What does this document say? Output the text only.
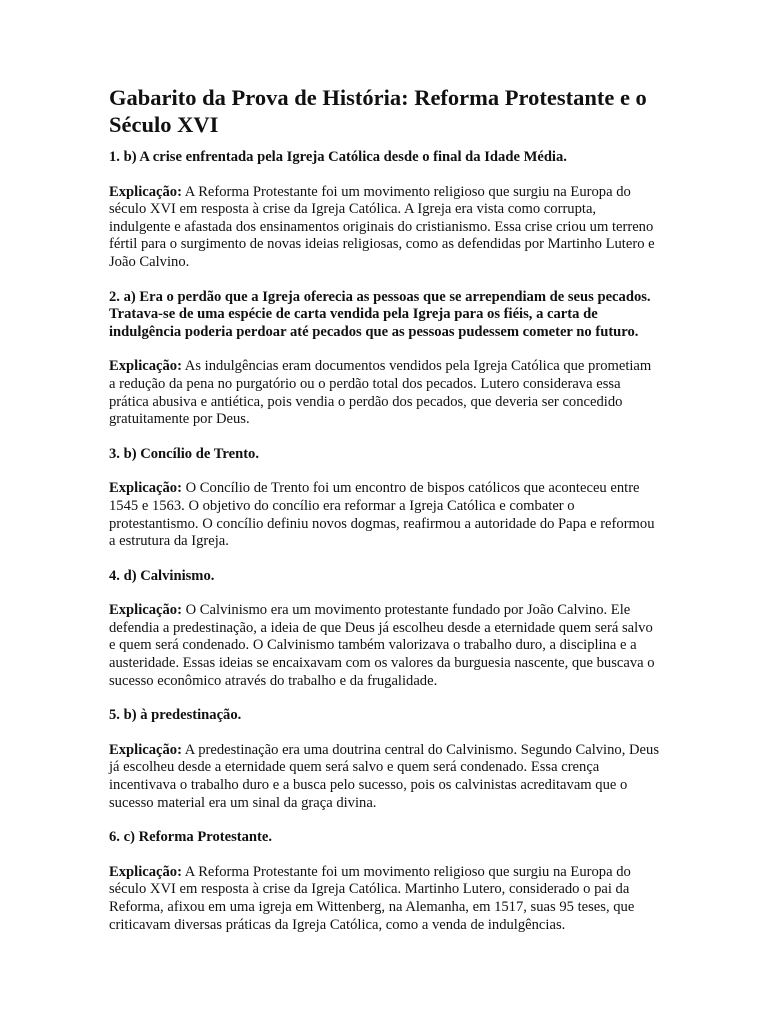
Gabarito da Prova de História: Reforma Protestante e o Século XVI

1. b) A crise enfrentada pela Igreja Católica desde o final da Idade Média.

Explicação: A Reforma Protestante foi um movimento religioso que surgiu na Europa do século XVI em resposta à crise da Igreja Católica. A Igreja era vista como corrupta, indulgente e afastada dos ensinamentos originais do cristianismo. Essa crise criou um terreno fértil para o surgimento de novas ideias religiosas, como as defendidas por Martinho Lutero e João Calvino.

2. a) Era o perdão que a Igreja oferecia as pessoas que se arrependiam de seus pecados. Tratava-se de uma espécie de carta vendida pela Igreja para os fiéis, a carta de indulgência poderia perdoar até pecados que as pessoas pudessem cometer no futuro.

Explicação: As indulgências eram documentos vendidos pela Igreja Católica que prometiam a redução da pena no purgatório ou o perdão total dos pecados. Lutero considerava essa prática abusiva e antiética, pois vendia o perdão dos pecados, que deveria ser concedido gratuitamente por Deus.

3. b) Concílio de Trento.

Explicação: O Concílio de Trento foi um encontro de bispos católicos que aconteceu entre 1545 e 1563. O objetivo do concílio era reformar a Igreja Católica e combater o protestantismo. O concílio definiu novos dogmas, reafirmou a autoridade do Papa e reformou a estrutura da Igreja.

4. d) Calvinismo.

Explicação: O Calvinismo era um movimento protestante fundado por João Calvino. Ele defendia a predestinação, a ideia de que Deus já escolheu desde a eternidade quem será salvo e quem será condenado. O Calvinismo também valorizava o trabalho duro, a disciplina e a austeridade. Essas ideias se encaixavam com os valores da burguesia nascente, que buscava o sucesso econômico através do trabalho e da frugalidade.

5. b) à predestinação.

Explicação: A predestinação era uma doutrina central do Calvinismo. Segundo Calvino, Deus já escolheu desde a eternidade quem será salvo e quem será condenado. Essa crença incentivava o trabalho duro e a busca pelo sucesso, pois os calvinistas acreditavam que o sucesso material era um sinal da graça divina.

6. c) Reforma Protestante.

Explicação: A Reforma Protestante foi um movimento religioso que surgiu na Europa do século XVI em resposta à crise da Igreja Católica. Martinho Lutero, considerado o pai da Reforma, afixou em uma igreja em Wittenberg, na Alemanha, em 1517, suas 95 teses, que criticavam diversas práticas da Igreja Católica, como a venda de indulgências.
